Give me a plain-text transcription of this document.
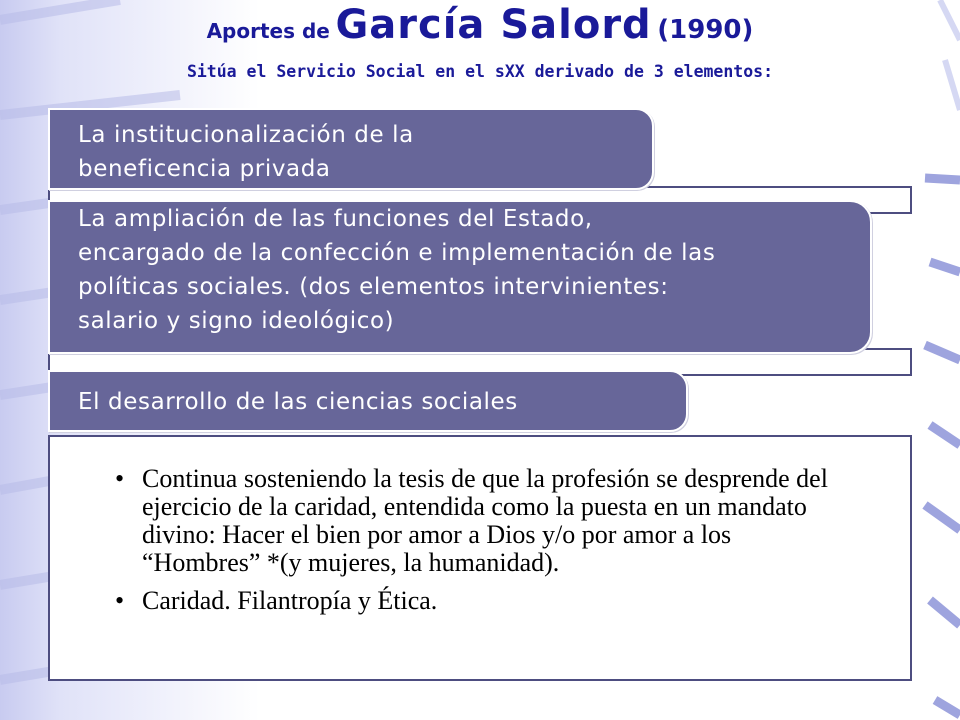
Aportes de García Salord (1990)
Sitúa el Servicio Social en el sXX derivado de 3 elementos:
La institucionalización de la
beneficencia privada
La ampliación de las funciones del Estado,
encargado de la confección e implementación de las
políticas sociales. (dos elementos intervinientes:
salario y signo ideológico)
El desarrollo de las ciencias sociales
• Continua sosteniendo la tesis de que la profesión se desprende del ejercicio de la caridad, entendida como la puesta en un mandato divino: Hacer el bien por amor a Dios y/o por amor a los “Hombres” *(y mujeres, la humanidad).
• Caridad. Filantropía y Ética.
